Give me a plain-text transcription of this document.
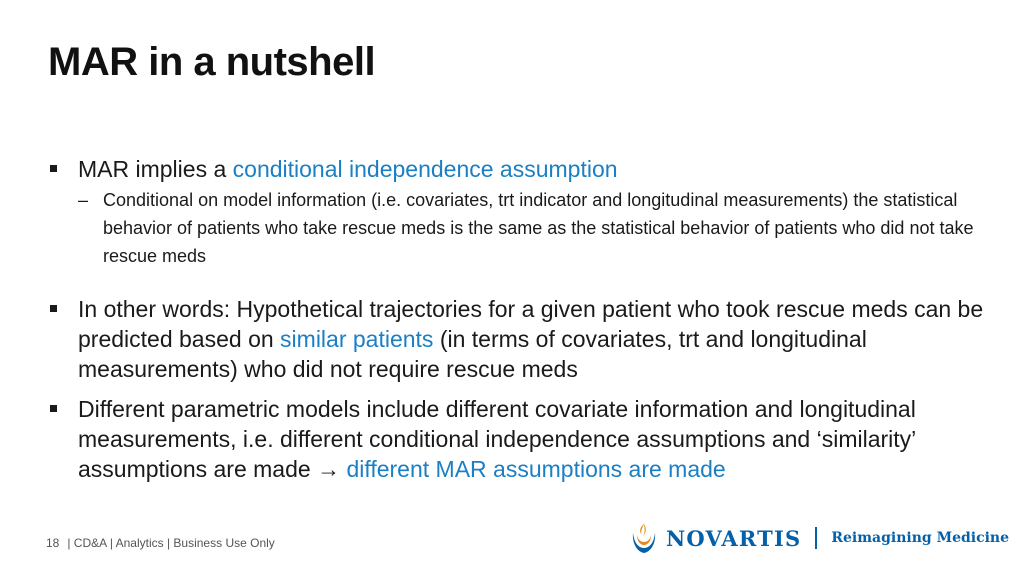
MAR in a nutshell
MAR implies a conditional independence assumption
– Conditional on model information (i.e. covariates, trt indicator and longitudinal measurements) the statistical behavior of patients who take rescue meds is the same as the statistical behavior of patients who did not take rescue meds
In other words: Hypothetical trajectories for a given patient who took rescue meds can be predicted based on similar patients (in terms of covariates, trt and longitudinal measurements) who did not require rescue meds
Different parametric models include different covariate information and longitudinal measurements, i.e. different conditional independence assumptions and ‘similarity’ assumptions are made → different MAR assumptions are made
18 | CD&A | Analytics | Business Use Only	NOVARTIS Reimagining Medicine
